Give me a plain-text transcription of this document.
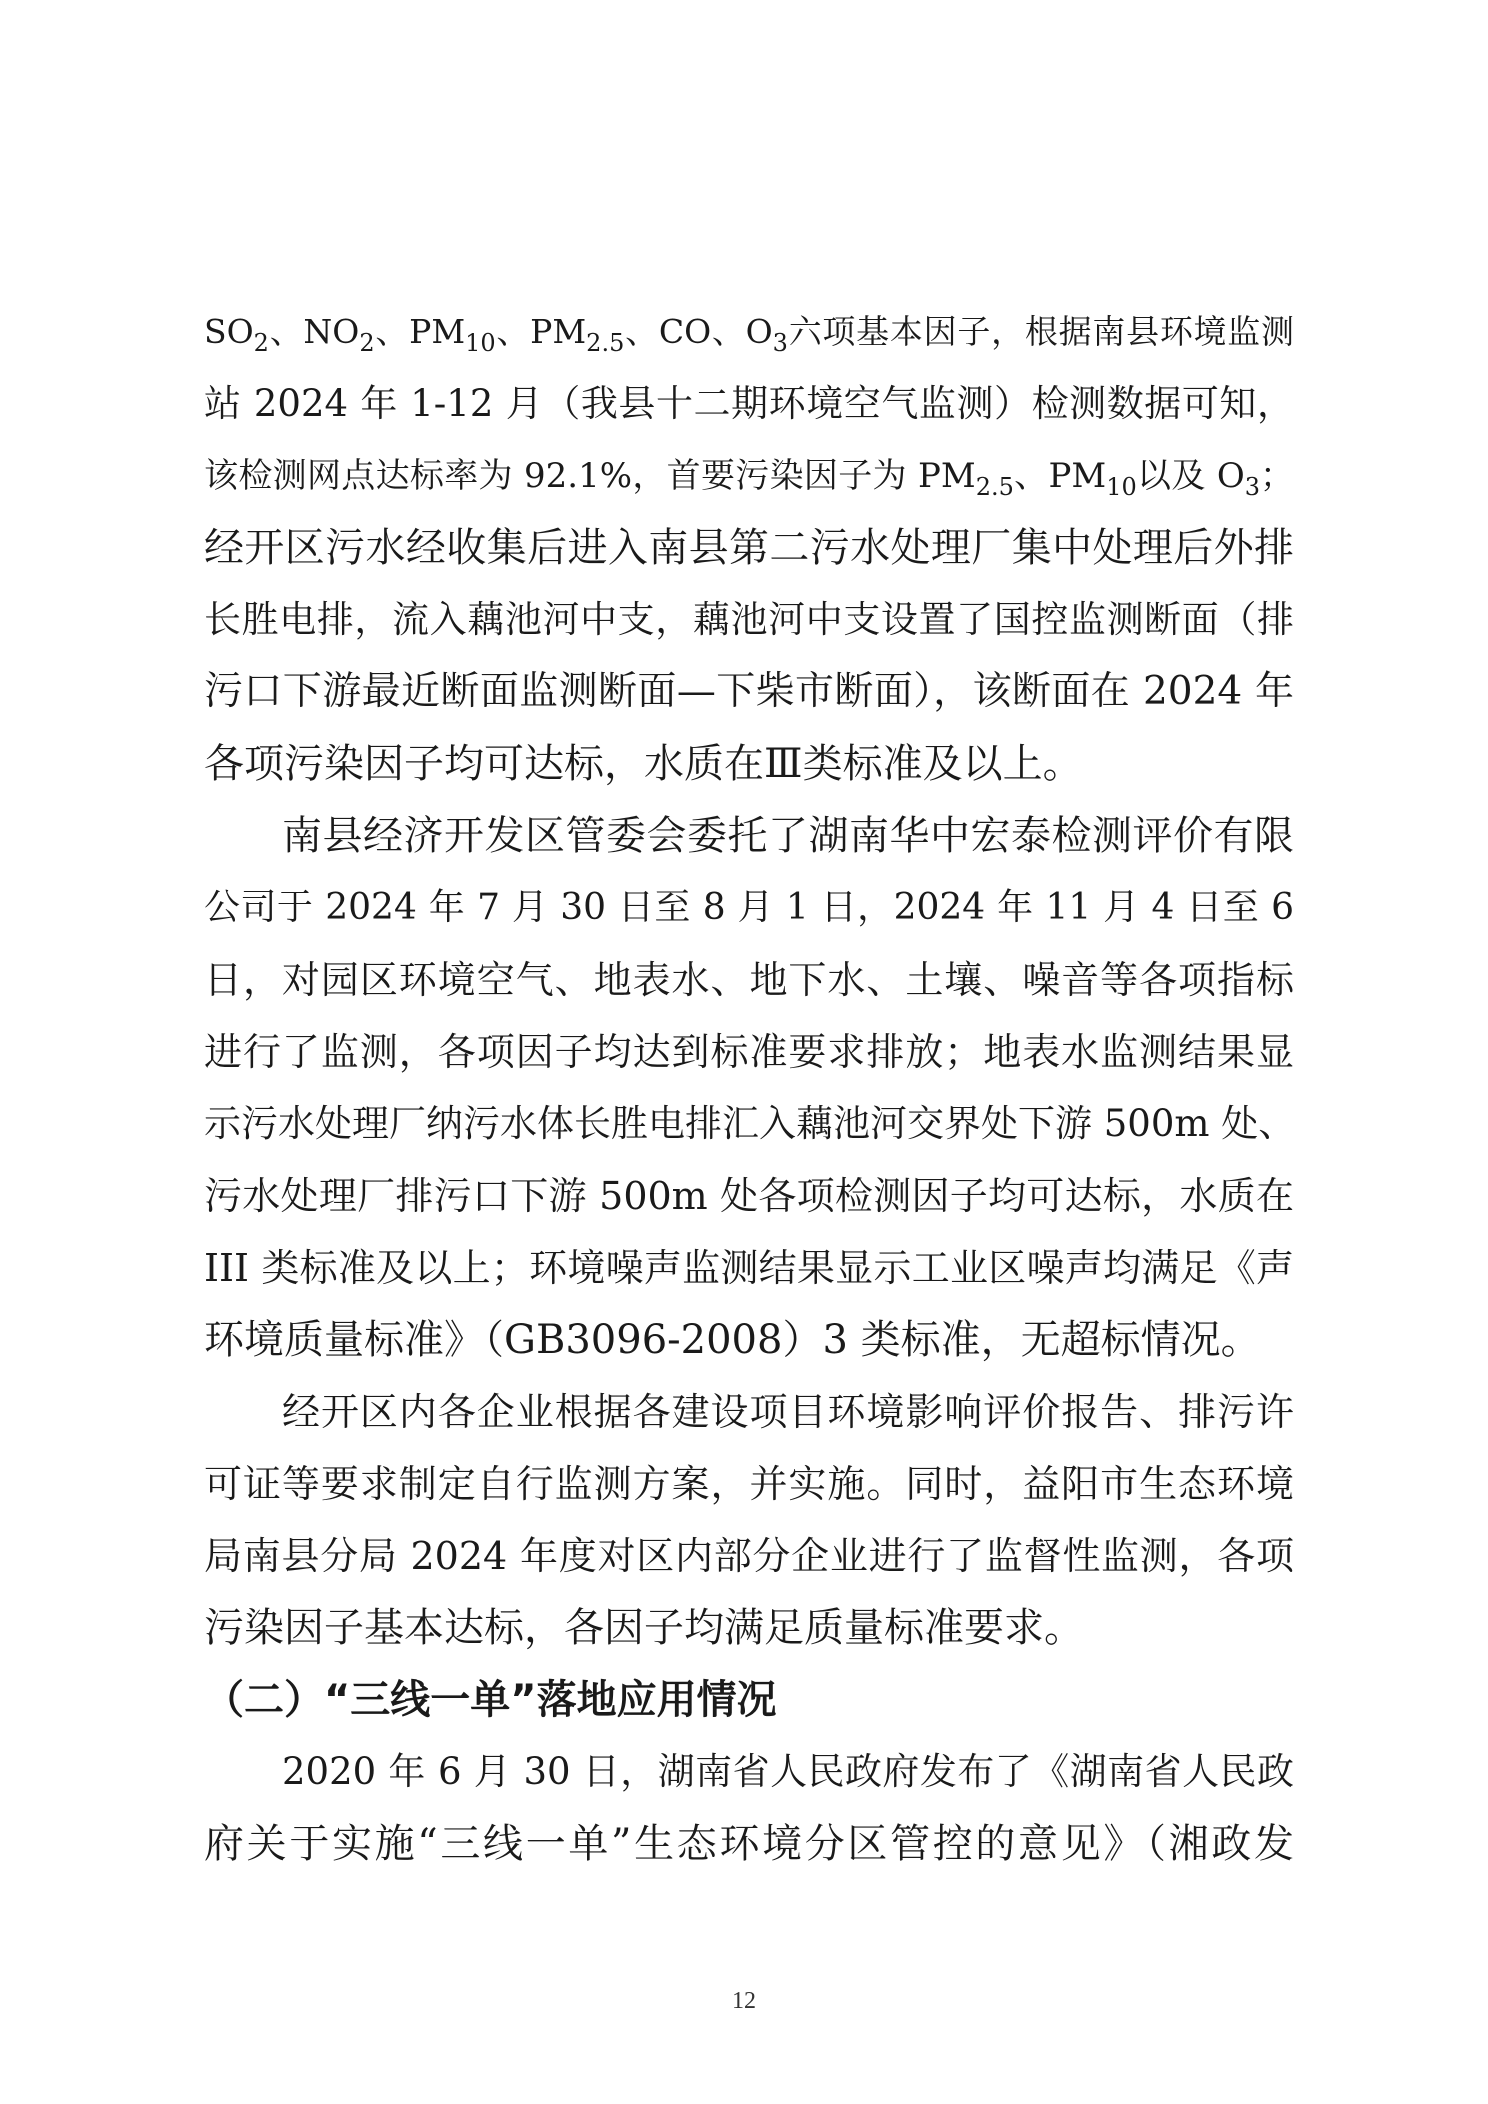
$SO_2$、$NO_2$、$PM_{10}$、$PM_{2.5}$、CO、$O_3$六项基本因子，根据南县环境监测
站 2024 年 1-12 月（我县十二期环境空气监测）检测数据可知，
该检测网点达标率为 92.1%，首要污染因子为 $PM_{2.5}$、$PM_{10}$以及 $O_3$；
经开区污水经收集后进入南县第二污水处理厂集中处理后外排
长胜电排，流入藕池河中支，藕池河中支设置了国控监测断面（排
污口下游最近断面监测断面—下柴市断面），该断面在 2024 年
各项污染因子均可达标，水质在Ⅲ类标准及以上。
南县经济开发区管委会委托了湖南华中宏泰检测评价有限
公司于 2024 年 7 月 30 日至 8 月 1 日，2024 年 11 月 4 日至 6
日，对园区环境空气、地表水、地下水、土壤、噪音等各项指标
进行了监测，各项因子均达到标准要求排放；地表水监测结果显
示污水处理厂纳污水体长胜电排汇入藕池河交界处下游 500m 处、
污水处理厂排污口下游 500m 处各项检测因子均可达标，水质在
III 类标准及以上；环境噪声监测结果显示工业区噪声均满足《声
环境质量标准》（GB3096-2008）3 类标准，无超标情况。
经开区内各企业根据各建设项目环境影响评价报告、排污许
可证等要求制定自行监测方案，并实施。同时，益阳市生态环境
局南县分局 2024 年度对区内部分企业进行了监督性监测，各项
污染因子基本达标，各因子均满足质量标准要求。
（二）“三线一单”落地应用情况
2020 年 6 月 30 日，湖南省人民政府发布了《湖南省人民政
府关于实施“三线一单”生态环境分区管控的意见》（湘政发
12
